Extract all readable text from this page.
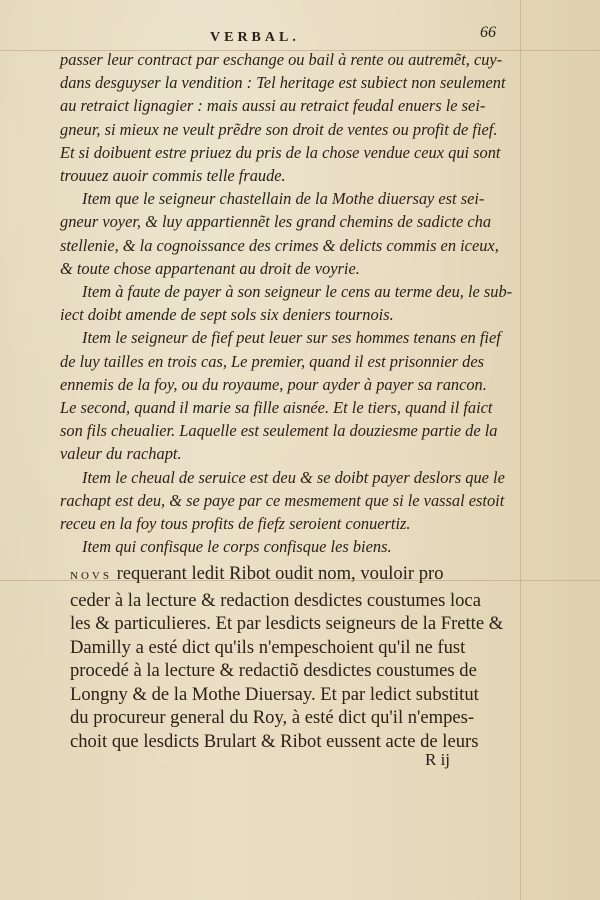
VERBAL.	66

passer leur contract par eschange ou bail à rente ou autremẽt, cuy-

dans desguyser la vendition : Tel heritage est subiect non seulement

au retraict lignagier : mais aussi au retraict feudal enuers le sei-

gneur, si mieux ne veult prẽdre son droit de ventes ou profit de fief.

Et si doibuent estre priuez du pris de la chose vendue ceux qui sont

trouuez auoir commis telle fraude.

Item que le seigneur chastellain de la Mothe diuersay est sei-

gneur voyer, & luy appartiennẽt les grand chemins de sadicte cha

stellenie, & la cognoissance des crimes & delicts commis en iceux,

& toute chose appartenant au droit de voyrie.

Item à faute de payer à son seigneur le cens au terme deu, le sub-

iect doibt amende de sept sols six deniers tournois.

Item le seigneur de fief peut leuer sur ses hommes tenans en fief

de luy tailles en trois cas, Le premier, quand il est prisonnier des

ennemis de la foy, ou du royaume, pour ayder à payer sa rancon.

Le second, quand il marie sa fille aisnée. Et le tiers, quand il faict

son fils cheualier. Laquelle est seulement la douziesme partie de la

valeur du rachapt.

Item le cheual de seruice est deu & se doibt payer deslors que le

rachapt est deu, & se paye par ce mesmement que si le vassal estoit

receu en la foy tous profits de fiefz seroient conuertiz.

Item qui confisque le corps confisque les biens.

NOVS requerant ledit Ribot oudit nom, vouloir pro

ceder à la lecture & redaction desdictes coustumes loca

les & particulieres. Et par lesdicts seigneurs de la Frette &

Damilly a esté dict qu'ils n'empeschoient qu'il ne fust

procedé à la lecture & redactiõ desdictes coustumes de

Longny & de la Mothe Diuersay. Et par ledict substitut

du procureur general du Roy, à esté dict qu'il n'empes-

choit que lesdicts Brulart & Ribot eussent acte de leurs

R ij
